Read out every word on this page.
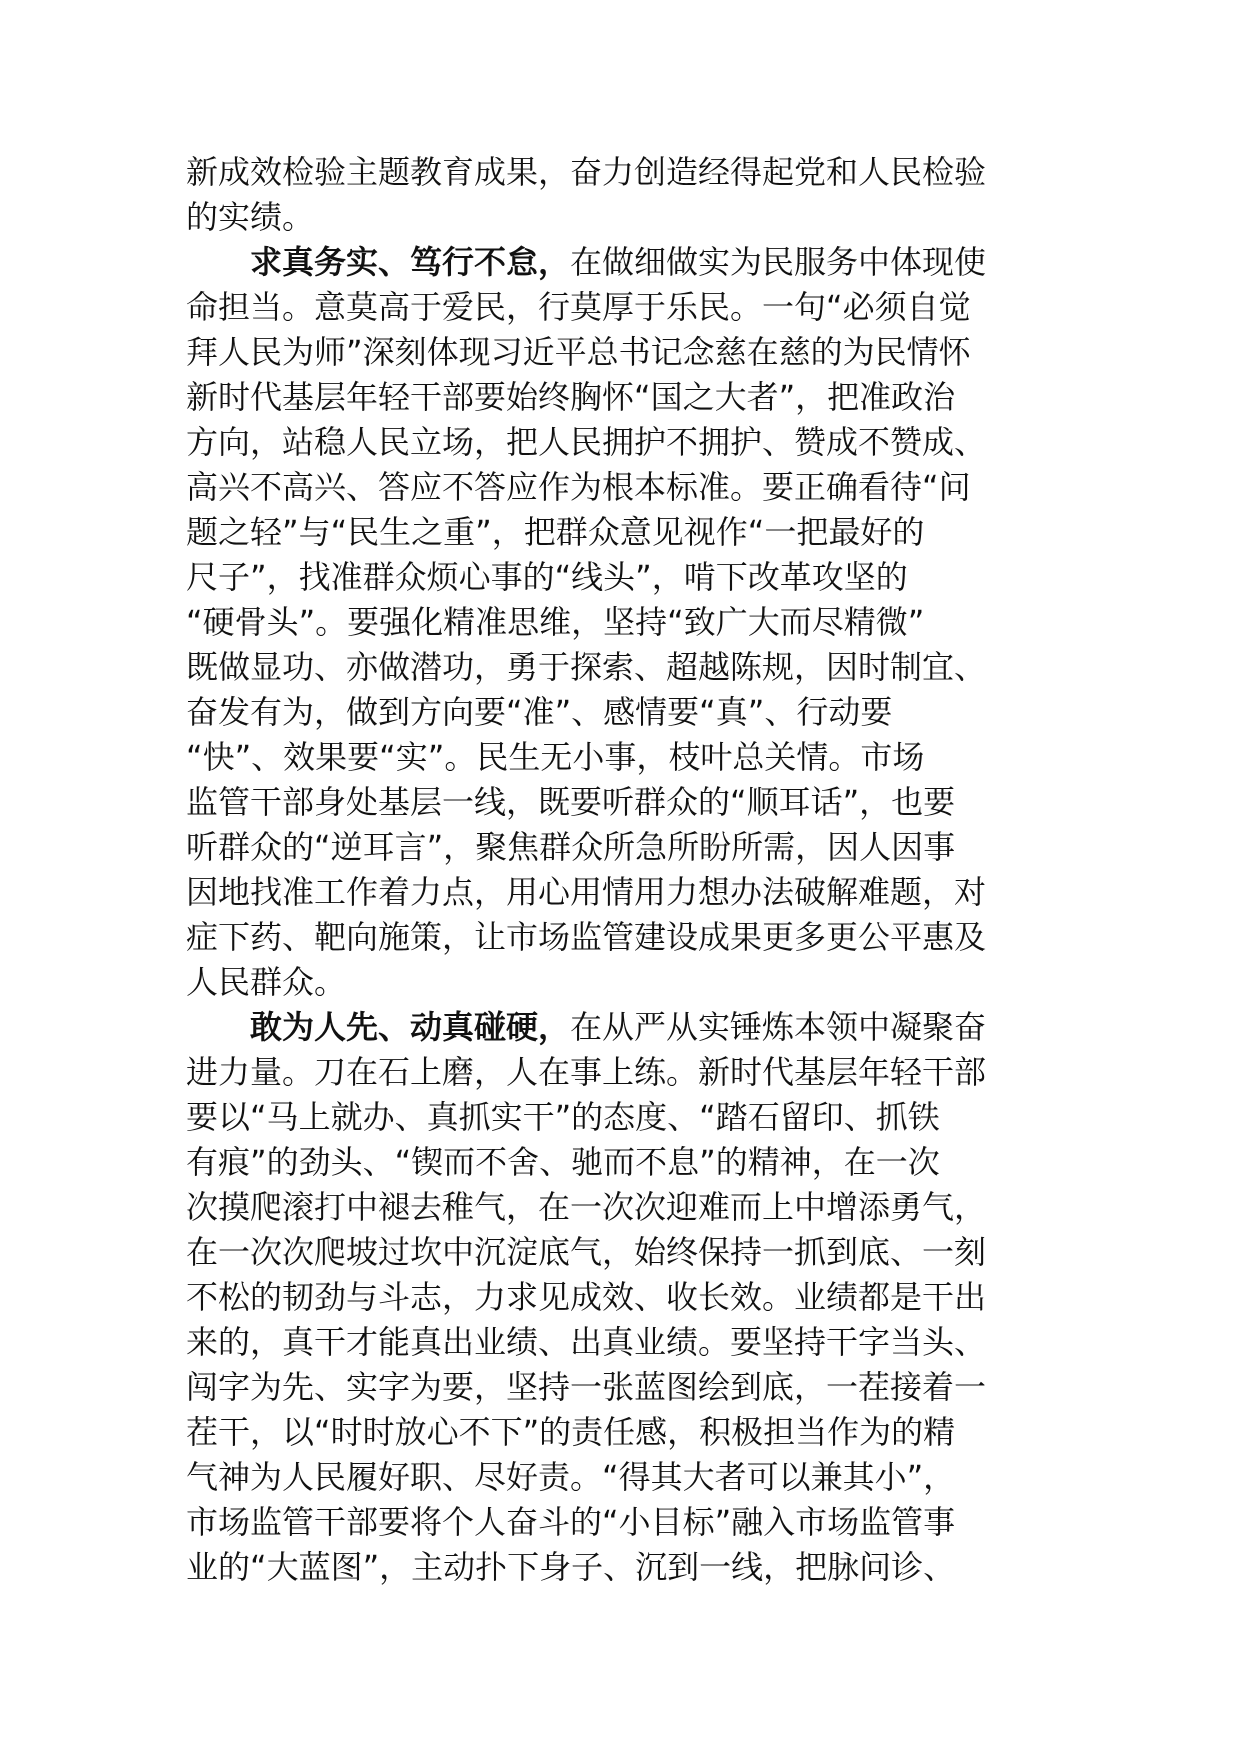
新成效检验主题教育成果，奋力创造经得起党和人民检验
的实绩。
求真务实、笃行不怠，在做细做实为民服务中体现使
命担当。意莫高于爱民，行莫厚于乐民。一句“必须自觉
拜人民为师”深刻体现习近平总书记念慈在慈的为民情怀
新时代基层年轻干部要始终胸怀“国之大者”，把准政治
方向，站稳人民立场，把人民拥护不拥护、赞成不赞成、
高兴不高兴、答应不答应作为根本标准。要正确看待“问
题之轻”与“民生之重”，把群众意见视作“一把最好的
尺子”，找准群众烦心事的“线头”，啃下改革攻坚的
“硬骨头”。要强化精准思维，坚持“致广大而尽精微”
既做显功、亦做潜功，勇于探索、超越陈规，因时制宜、
奋发有为，做到方向要“准”、感情要“真”、行动要
“快”、效果要“实”。民生无小事，枝叶总关情。市场
监管干部身处基层一线，既要听群众的“顺耳话”，也要
听群众的“逆耳言”，聚焦群众所急所盼所需，因人因事
因地找准工作着力点，用心用情用力想办法破解难题，对
症下药、靶向施策，让市场监管建设成果更多更公平惠及
人民群众。
敢为人先、动真碰硬，在从严从实锤炼本领中凝聚奋
进力量。刀在石上磨，人在事上练。新时代基层年轻干部
要以“马上就办、真抓实干”的态度、“踏石留印、抓铁
有痕”的劲头、“锲而不舍、驰而不息”的精神，在一次
次摸爬滚打中褪去稚气，在一次次迎难而上中增添勇气，
在一次次爬坡过坎中沉淀底气，始终保持一抓到底、一刻
不松的韧劲与斗志，力求见成效、收长效。业绩都是干出
来的，真干才能真出业绩、出真业绩。要坚持干字当头、
闯字为先、实字为要，坚持一张蓝图绘到底，一茬接着一
茬干，以“时时放心不下”的责任感，积极担当作为的精
气神为人民履好职、尽好责。“得其大者可以兼其小”，
市场监管干部要将个人奋斗的“小目标”融入市场监管事
业的“大蓝图”，主动扑下身子、沉到一线，把脉问诊、
